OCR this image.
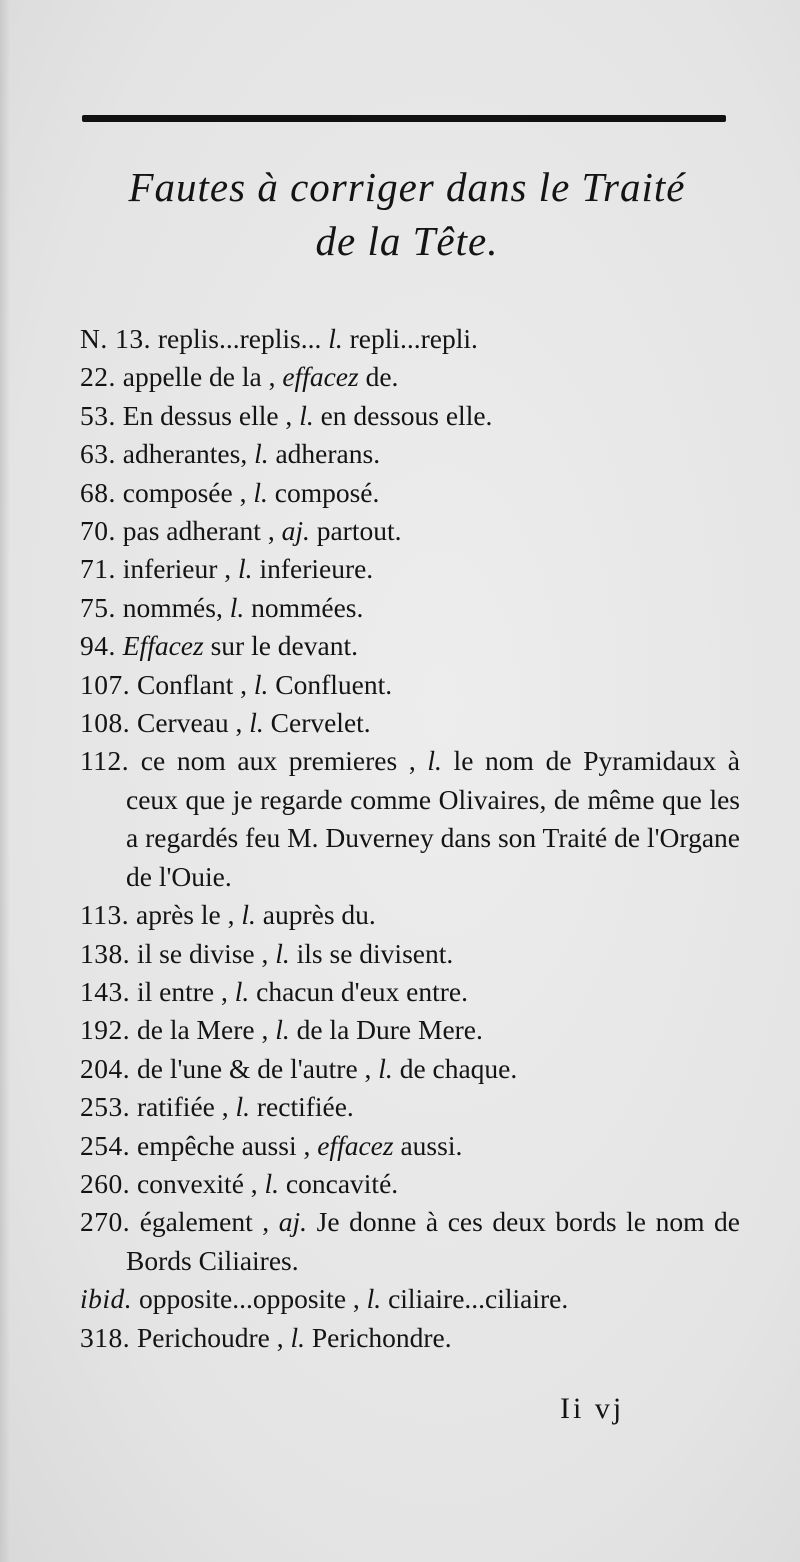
Fautes à corriger dans le Traité
de la Tête.
N. 13. replis...replis... l. repli...repli.
22. appelle de la , effacez de.
53. En dessus elle , l. en dessous elle.
63. adherantes, l. adherans.
68. composée , l. composé.
70. pas adherant , aj. partout.
71. inferieur , l. inferieure.
75. nommés, l. nommées.
94. Effacez sur le devant.
107. Conflant , l. Confluent.
108. Cerveau , l. Cervelet.
112. ce nom aux premieres , l. le nom de Pyramidaux à ceux que je regarde comme Olivaires, de même que les a regardés feu M. Duverney dans son Traité de l'Organe de l'Ouie.
113. après le , l. auprès du.
138. il se divise , l. ils se divisent.
143. il entre , l. chacun d'eux entre.
192. de la Mere , l. de la Dure Mere.
204. de l'une & de l'autre , l. de chaque.
253. ratifiée , l. rectifiée.
254. empêche aussi , effacez aussi.
260. convexité , l. concavité.
270. également , aj. Je donne à ces deux bords le nom de Bords Ciliaires.
ibid. opposite...opposite , l. ciliaire...ciliaire.
318. Perichoudre , l. Perichondre.
Ii vj
